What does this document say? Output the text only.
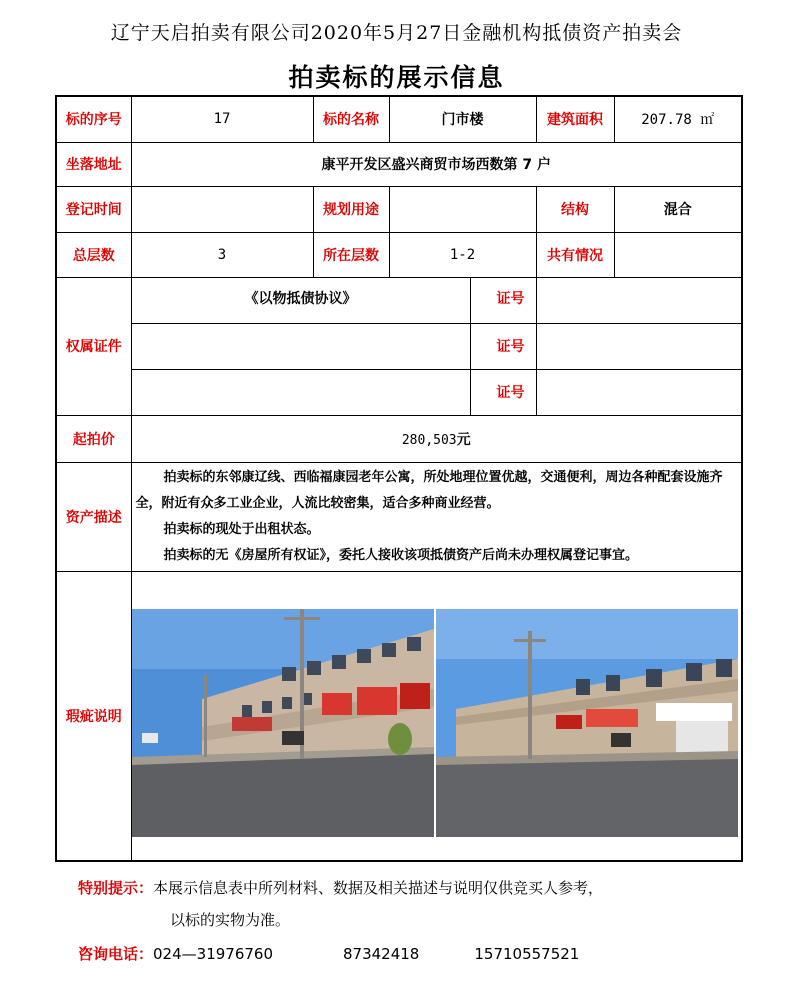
辽宁天启拍卖有限公司2020年5月27日金融机构抵债资产拍卖会
拍卖标的展示信息
标的序号	17	标的名称	门市楼		建筑面积	207.78 ㎡
坐落地址	康平开发区盛兴商贸市场西数第 7 户					
登记时间		规划用途			结构	混合
总层数	3	所在层数	1-2		共有情况	
权属证件	《以物抵债协议》			证号		
				证号		
				证号		
起拍价	280,503元					
资产描述	拍卖标的东邻康辽线、西临福康园老年公寓，所处地理位置优越，交通便利，周边各种配套设施齐全，附近有众多工业企业，人流比较密集，适合多种商业经营。

拍卖标的现处于出租状态。

拍卖标的无《房屋所有权证》，委托人接收该项抵债资产后尚未办理权属登记事宜。					

瑕疵说明	
特别提示：本展示信息表中所列材料、数据及相关描述与说明仅供竞买人参考，
以标的实物为准。
咨询电话：024—31976760	87342418	15710557521
